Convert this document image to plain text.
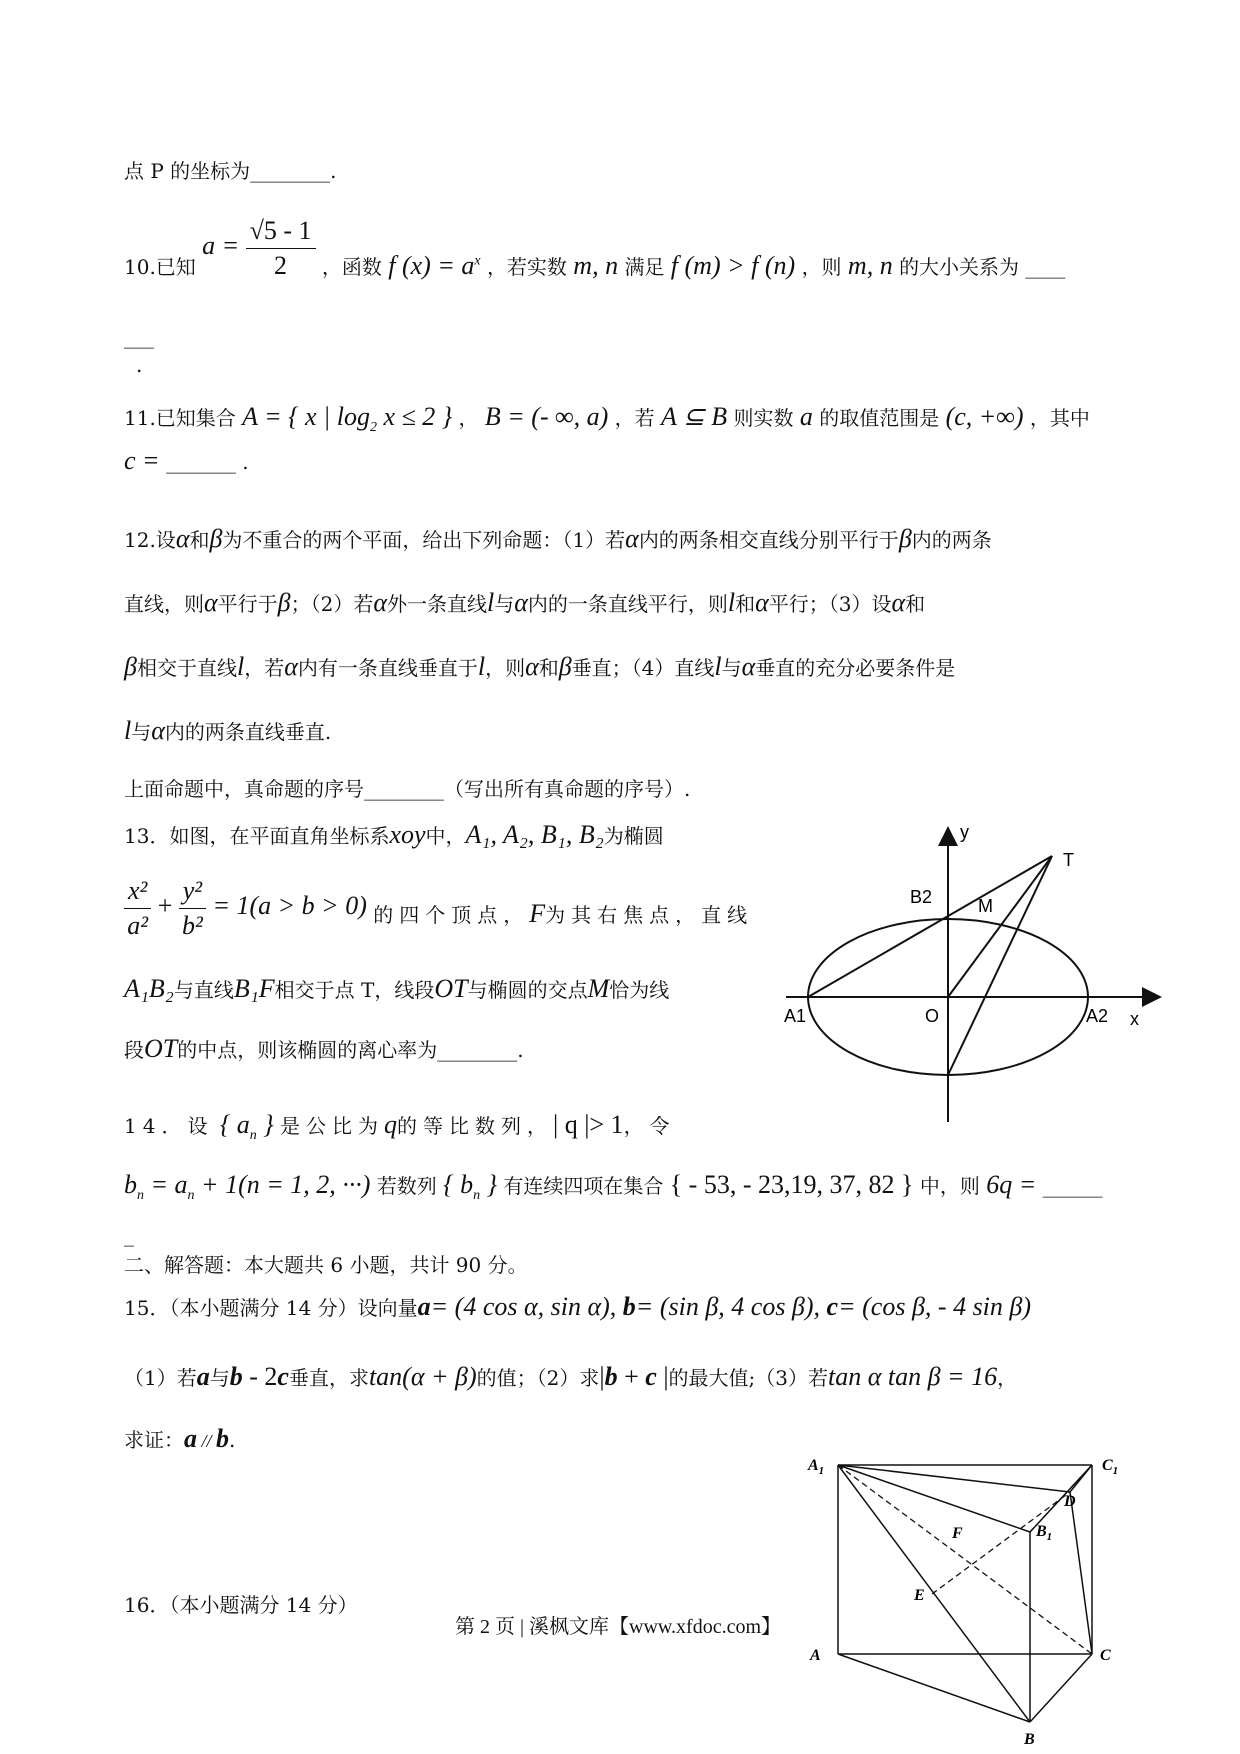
点 P 的坐标为________.
10.已知 $a = \frac{√5 - 1}{2}$ ，函数 f $(x) = a^x$ ，若实数 m, n 满足 f (m) > f (n) ，则 m, n 的大小关系为 ____
___
.
11.已知集合 A = { x | $\log_2 x \le 2$ } ， B = (- ∞, a) ，若 A ⊆ B 则实数 a 的取值范围是 (c, +∞) ，其中
c = _______ .
12.设α和β为不重合的两个平面，给出下列命题：（1）若α内的两条相交直线分别平行于β内的两条
直线，则α平行于β；（2）若α外一条直线l与α内的一条直线平行，则l和α平行；（3）设α和
β相交于直线l，若α内有一条直线垂直于l，则α和β垂直；（4）直线l与α垂直的充分必要条件是
l与α内的两条直线垂直.
上面命题中，真命题的序号________（写出所有真命题的序号）.
13．如图，在平面直角坐标系xoy中，A₁, A₂, B₁, B₂为椭圆
$\frac{\text{x²}}{\text{a²}} + \frac{\text{y²}}{\text{b²}} = 1(a > b > 0)$ 的四个顶点，F为其右焦点，直线
A₁B₂与直线B₁F相交于点 T，线段OT与椭圆的交点M恰为线
段OT的中点，则该椭圆的离心率为________.
y
x
T
B2	M
A1	O	A2
14．设 { $a_n$ } 是公比为q的等比数列，| q |> 1，令
$b_n = a_n + 1(n = 1$, 2, ···) 若数列 { $b_n$ } 有连续四项在集合 { - 53, - 23,19, 37, 82 } 中，则 6q = ______
_
二、解答题：本大题共 6 小题，共计 90 分。
15．（本小题满分 14 分）设向量a= (4 cos α, sin α), b= (sin β, 4 cos β), c= (cos β, - 4 sin β)
（1）若a与b - 2c垂直，求tan(α + β)的值；（2）求|b + c |的最大值;（3）若tan α tan β = 16，
求证：a // b.
16．（本小题满分 14 分）
$A_1$	$C_1$
D
F	$B_1$
E
A	C
B
第 2 页 | 溪枫文库【www.xfdoc.com】
